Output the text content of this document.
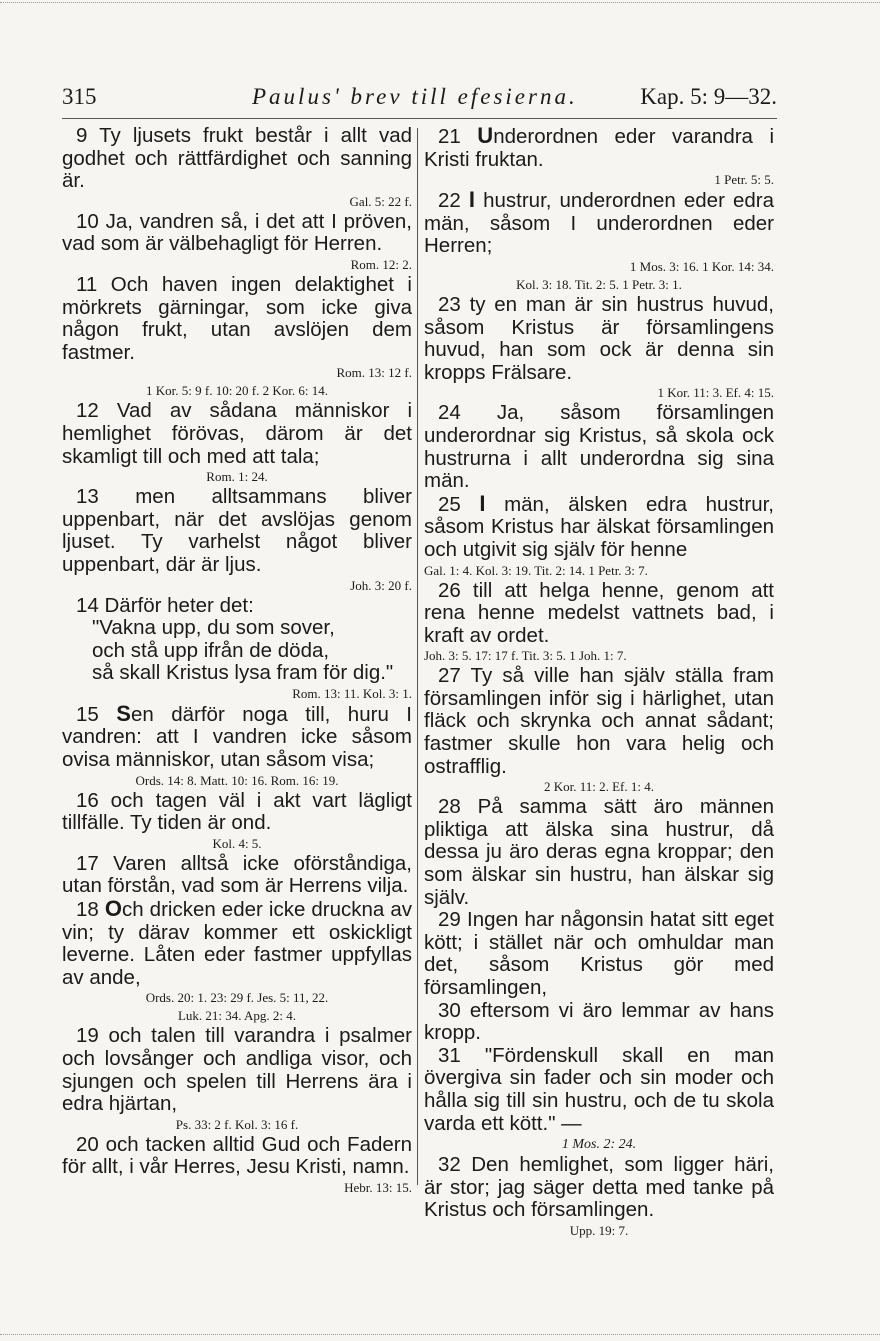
315	Paulus' brev till efesierna.	Kap. 5: 9—32.

9 Ty ljusets frukt består i allt vad godhet och rättfärdighet och sanning är.

Gal. 5: 22 f.

10 Ja, vandren så, i det att I pröven, vad som är välbehagligt för Herren.

Rom. 12: 2.

11 Och haven ingen delaktighet i mörkrets gärningar, som icke giva någon frukt, utan avslöjen dem fastmer.

Rom. 13: 12 f.

1 Kor. 5: 9 f. 10: 20 f. 2 Kor. 6: 14.

12 Vad av sådana människor i hemlighet förövas, därom är det skamligt till och med att tala;

Rom. 1: 24.

13 men alltsammans bliver uppenbart, när det avslöjas genom ljuset. Ty varhelst något bliver uppenbart, där är ljus.

Joh. 3: 20 f.

14 Därför heter det:

"Vakna upp, du som sover,

och stå upp ifrån de döda,

så skall Kristus lysa fram för dig."

Rom. 13: 11. Kol. 3: 1.

15 Sen därför noga till, huru I vandren: att I vandren icke såsom ovisa människor, utan såsom visa;

Ords. 14: 8. Matt. 10: 16. Rom. 16: 19.

16 och tagen väl i akt vart lägligt tillfälle. Ty tiden är ond.

Kol. 4: 5.

17 Varen alltså icke oförståndiga, utan förstån, vad som är Herrens vilja.

18 Och dricken eder icke druckna av vin; ty därav kommer ett oskickligt leverne. Låten eder fastmer uppfyllas av ande,

Ords. 20: 1. 23: 29 f. Jes. 5: 11, 22.

Luk. 21: 34. Apg. 2: 4.

19 och talen till varandra i psalmer och lovsånger och andliga visor, och sjungen och spelen till Herrens ära i edra hjärtan,

Ps. 33: 2 f. Kol. 3: 16 f.

20 och tacken alltid Gud och Fadern för allt, i vår Herres, Jesu Kristi, namn.

Hebr. 13: 15.

21 Underordnen eder varandra i Kristi fruktan.

1 Petr. 5: 5.

22 I hustrur, underordnen eder edra män, såsom I underordnen eder Herren;

1 Mos. 3: 16. 1 Kor. 14: 34.

Kol. 3: 18. Tit. 2: 5. 1 Petr. 3: 1.

23 ty en man är sin hustrus huvud, såsom Kristus är församlingens huvud, han som ock är denna sin kropps Frälsare.

1 Kor. 11: 3. Ef. 4: 15.

24 Ja, såsom församlingen underordnar sig Kristus, så skola ock hustrurna i allt underordna sig sina män.

25 I män, älsken edra hustrur, såsom Kristus har älskat församlingen och utgivit sig själv för henne

Gal. 1: 4. Kol. 3: 19. Tit. 2: 14. 1 Petr. 3: 7.

26 till att helga henne, genom att rena henne medelst vattnets bad, i kraft av ordet.

Joh. 3: 5. 17: 17 f. Tit. 3: 5. 1 Joh. 1: 7.

27 Ty så ville han själv ställa fram församlingen inför sig i härlighet, utan fläck och skrynka och annat sådant; fastmer skulle hon vara helig och ostrafflig.

2 Kor. 11: 2. Ef. 1: 4.

28 På samma sätt äro männen pliktiga att älska sina hustrur, då dessa ju äro deras egna kroppar; den som älskar sin hustru, han älskar sig själv.

29 Ingen har någonsin hatat sitt eget kött; i stället när och omhuldar man det, såsom Kristus gör med församlingen,

30 eftersom vi äro lemmar av hans kropp.

31 "Fördenskull skall en man övergiva sin fader och sin moder och hålla sig till sin hustru, och de tu skola varda ett kött." —

1 Mos. 2: 24.

32 Den hemlighet, som ligger häri, är stor; jag säger detta med tanke på Kristus och församlingen.

Upp. 19: 7.
